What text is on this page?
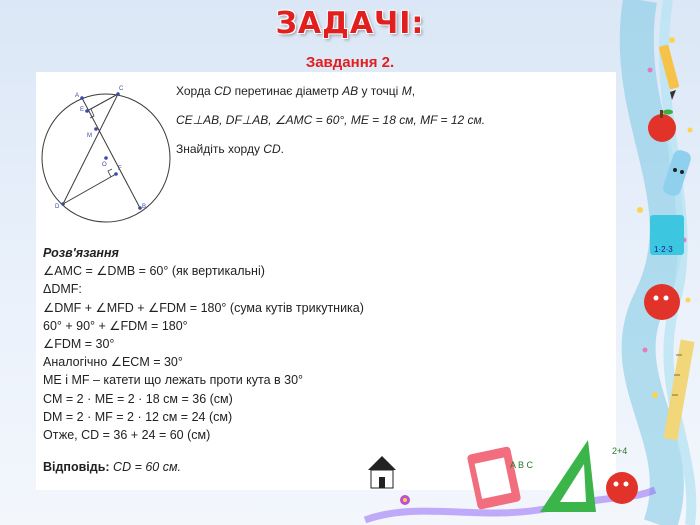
ЗАДАЧІ:
Завдання 2.
A
C
E
M
O
F
D	B

Хорда CD перетинає діаметр AB у точці M,

CE⊥AB, DF⊥AB, ∠AMC = 60°, ME = 18 см, MF = 12 см.

Знайдіть хорду CD.

Розв'язання
∠AMC = ∠DMB = 60° (як вертикальні)
ΔDMF:
∠DMF + ∠MFD + ∠FDM = 180° (сума кутів трикутника)
60° + 90° + ∠FDM = 180°
∠FDM = 30°
Аналогічно ∠ECM = 30°
ME і MF – катети що лежать проти кута в 30°
CM = 2 · ME = 2 · 18 см = 36 (см)
DM = 2 · MF = 2 · 12 см = 24 (см)
Отже, CD = 36 + 24 = 60 (см)
Відповідь: CD = 60 см.
1·2·3
A B C
2+4
